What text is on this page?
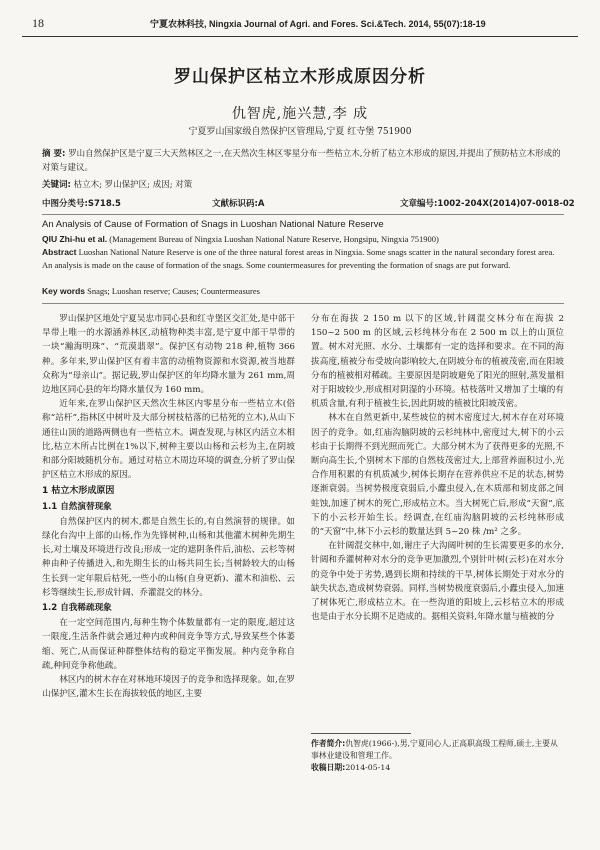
18	宁夏农林科技, Ningxia Journal of Agri. and Fores. Sci.&Tech. 2014, 55(07):18-19
罗山保护区枯立木形成原因分析
仇智虎,施兴慧,李 成
宁夏罗山国家级自然保护区管理局,宁夏 红寺堡 751900
摘 要: 罗山自然保护区是宁夏三大天然林区之一,在天然次生林区零星分布一些枯立木,分析了枯立木形成的原因,并提出了预防枯立木形成的对策与建议。
关键词: 枯立木; 罗山保护区; 成因; 对策
中图分类号:S718.5	文献标识码:A	文章编号:1002-204X(2014)07-0018-02
An Analysis of Cause of Formation of Snags in Luoshan National Nature Reserve
QIU Zhi-hu et al. (Management Bureau of Ningxia Luoshan National Nature Reserve, Hongsipu, Ningxia 751900)
Abstract Luoshan National Nature Reserve is one of the three natural forest areas in Ningxia. Some snags scatter in the natural secondary forest area. An analysis is made on the cause of formation of the snags. Some countermeasures for preventing the formation of snags are put forward.
Key words Snags; Luoshan reserve; Causes; Countermeasures

罗山保护区地处宁夏吴忠市同心县和红寺堡区交汇处,是中部干旱带上唯一的水源涵养林区,动植物种类丰富,是宁夏中部干旱带的一块“瀚海明珠”、“荒漠翡翠”。保护区有动物 218 种,植物 366 种。多年来,罗山保护区有着丰富的动植物资源和水资源,被当地群众称为“母亲山”。据记载,罗山保护区的年均降水量为 261 mm,周边地区同心县的年均降水量仅为 160 mm。

近年来,在罗山保护区天然次生林区内零星分布一些枯立木(俗称“站杆”,指林区中树叶及大部分树枝枯落的已枯死的立木),从山下通往山顶的道路两侧也有一些枯立木。调查发现,与林区内活立木相比,枯立木所占比例在1%以下,树种主要以山杨和云杉为主,在阴坡和部分阳坡随机分布。通过对枯立木周边环境的调查,分析了罗山保护区枯立木形成的原因。

1 枯立木形成原因
1.1 自然演替现象

自然保护区内的树木,都是自然生长的,有自然演替的规律。如绿化台沟中上部的山杨,作为先锋树种,山杨和其他灌木树种先期生长,对土壤及环境进行改良;形成一定的遮阴条件后,油松、云杉等树种由种子传播进入,和先期生长的山杨共同生长;当树龄较大的山杨生长到一定年限后枯死,一些小的山杨(自身更新)、灌木和油松、云杉等继续生长,形成针阔、乔灌混交的林分。

1.2 自我稀疏现象

在一定空间范围内,每种生物个体数量都有一定的限度,超过这一限度,生活条件就会通过种内或种间竞争等方式,导致某些个体萎缩、死亡,从而保证种群整体结构的稳定平衡发展。种内竞争称自疏,种间竞争称他疏。

林区内的树木存在对林地环境因子的竞争和选择现象。如,在罗山保护区,灌木生长在海拔较低的地区,主要

分布在海拔 2 150 m 以下的区域,针阔混交林分布在海拔 2 150~2 500 m 的区域,云杉纯林分布在 2 500 m 以上的山顶位置。树木对光照、水分、土壤都有一定的选择和要求。在不同的海拔高度,植被分布受坡向影响较大,在阴坡分布的植被茂密,而在阳坡分布的植被相对稀疏。主要原因是阴坡避免了阳光的照射,蒸发量相对于阳坡较少,形成相对阴湿的小环境。枯枝落叶又增加了土壤的有机质含量,有利于植被生长,因此阴坡的植被比阳坡茂密。

林木在自然更新中,某些坡位的树木密度过大,树木存在对环境因子的竞争。如,红庙沟脑阴坡的云杉纯林中,密度过大,树下的小云杉由于长期得不到光照而死亡。大部分树木为了获得更多的光照,不断向高生长,个别树木下部的自然枝茂密过大,上部营养面积过小,光合作用积累的有机质减少,树体长期存在营养供应不足的状态,树势逐渐衰弱。当树势极度衰弱后,小蠹虫侵入,在木质部和韧皮部之间蛀蚀,加速了树木的死亡,形成枯立木。当大树死亡后,形成“天窗”,底下的小云杉开始生长。经调查,在红庙沟脑阴坡的云杉纯林形成的“天窗”中,林下小云杉的数量达到 5~20 株 /m² 之多。

在针阔混交林中,如,谢庄子大沟阔叶树的生长需要更多的水分,针阔和乔灌树种对水分的竞争更加激烈,个别针叶树(云杉)在对水分的竞争中处于劣势,遇到长期和持续的干旱,树体长期处于对水分的缺失状态,造成树势衰弱。同样,当树势极度衰弱后,小蠹虫侵入,加速了树体死亡,形成枯立木。在一些沟道的阳坡上,云杉枯立木的形成也是由于水分长期不足造成的。据相关资料,年降水量与植被的分

作者简介:仇智虎(1966-),男,宁夏同心人,正高职高级工程师,硕士,主要从事林业建设和管理工作。
收稿日期:2014-05-14
